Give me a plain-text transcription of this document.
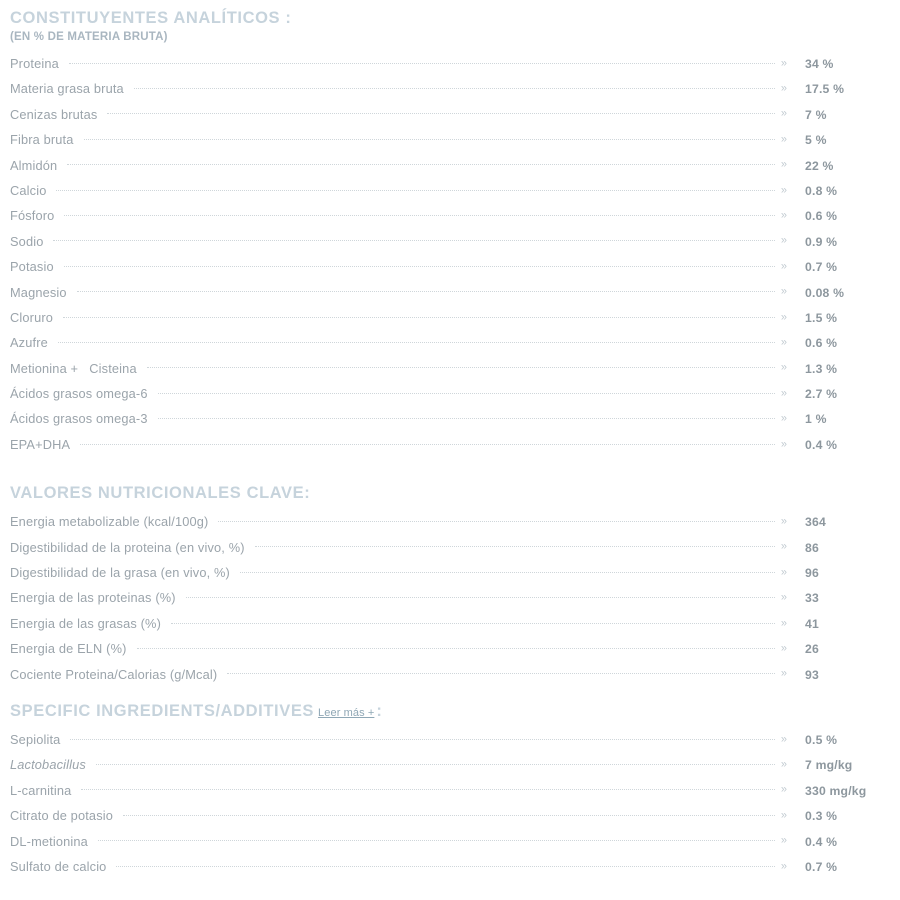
CONSTITUYENTES ANALÍTICOS :
(EN % DE MATERIA BRUTA)
Proteina	» 34 %
Materia grasa bruta	» 17.5 %
Cenizas brutas	» 7 %
Fibra bruta	» 5 %
Almidón	» 22 %
Calcio	» 0.8 %
Fósforo	» 0.6 %
Sodio	» 0.9 %
Potasio	» 0.7 %
Magnesio	» 0.08 %
Cloruro	» 1.5 %
Azufre	» 0.6 %
Metionina +   Cisteina	» 1.3 %
Ácidos grasos omega-6	» 2.7 %
Ácidos grasos omega-3	» 1 %
EPA+DHA	» 0.4 %
VALORES NUTRICIONALES CLAVE:
Energia metabolizable (kcal/100g)	» 364
Digestibilidad de la proteina (en vivo, %)	» 86
Digestibilidad de la grasa (en vivo, %)	» 96
Energia de las proteinas (%)	» 33
Energia de las grasas (%)	» 41
Energia de ELN (%)	» 26
Cociente Proteina/Calorias (g/Mcal)	» 93
SPECIFIC INGREDIENTS/ADDITIVES Leer más + :
Sepiolita	» 0.5 %
Lactobacillus	» 7 mg/kg
L-carnitina	» 330 mg/kg
Citrato de potasio	» 0.3 %
DL-metionina	» 0.4 %
Sulfato de calcio	» 0.7 %
